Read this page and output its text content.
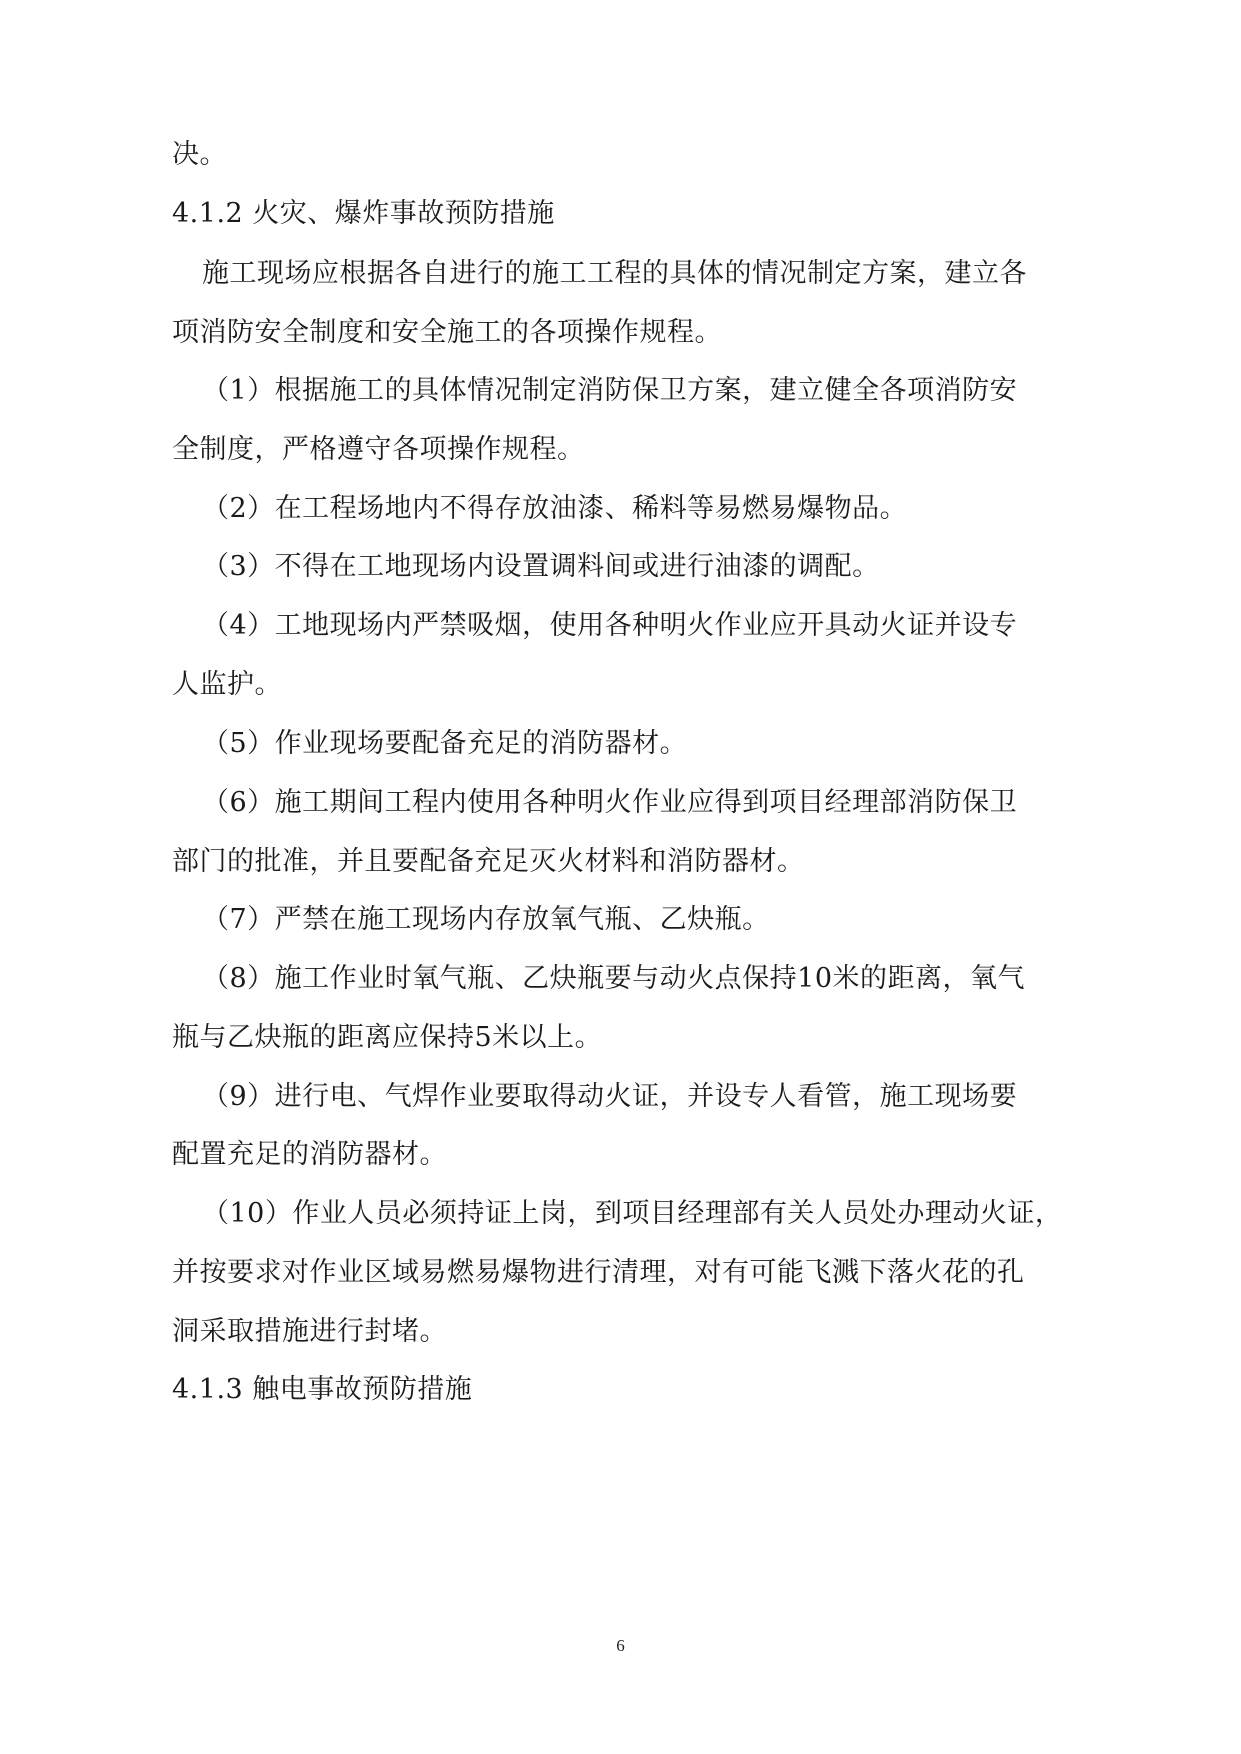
决。
4.1.2 火灾、爆炸事故预防措施
施工现场应根据各自进行的施工工程的具体的情况制定方案，建立各
项消防安全制度和安全施工的各项操作规程。
（1）根据施工的具体情况制定消防保卫方案，建立健全各项消防安
全制度，严格遵守各项操作规程。
（2）在工程场地内不得存放油漆、稀料等易燃易爆物品。
（3）不得在工地现场内设置调料间或进行油漆的调配。
（4）工地现场内严禁吸烟，使用各种明火作业应开具动火证并设专
人监护。
（5）作业现场要配备充足的消防器材。
（6）施工期间工程内使用各种明火作业应得到项目经理部消防保卫
部门的批准，并且要配备充足灭火材料和消防器材。
（7）严禁在施工现场内存放氧气瓶、乙炔瓶。
（8）施工作业时氧气瓶、乙炔瓶要与动火点保持10米的距离，氧气
瓶与乙炔瓶的距离应保持5米以上。
（9）进行电、气焊作业要取得动火证，并设专人看管，施工现场要
配置充足的消防器材。
（10）作业人员必须持证上岗，到项目经理部有关人员处办理动火证，
并按要求对作业区域易燃易爆物进行清理，对有可能飞溅下落火花的孔
洞采取措施进行封堵。
4.1.3 触电事故预防措施
6
